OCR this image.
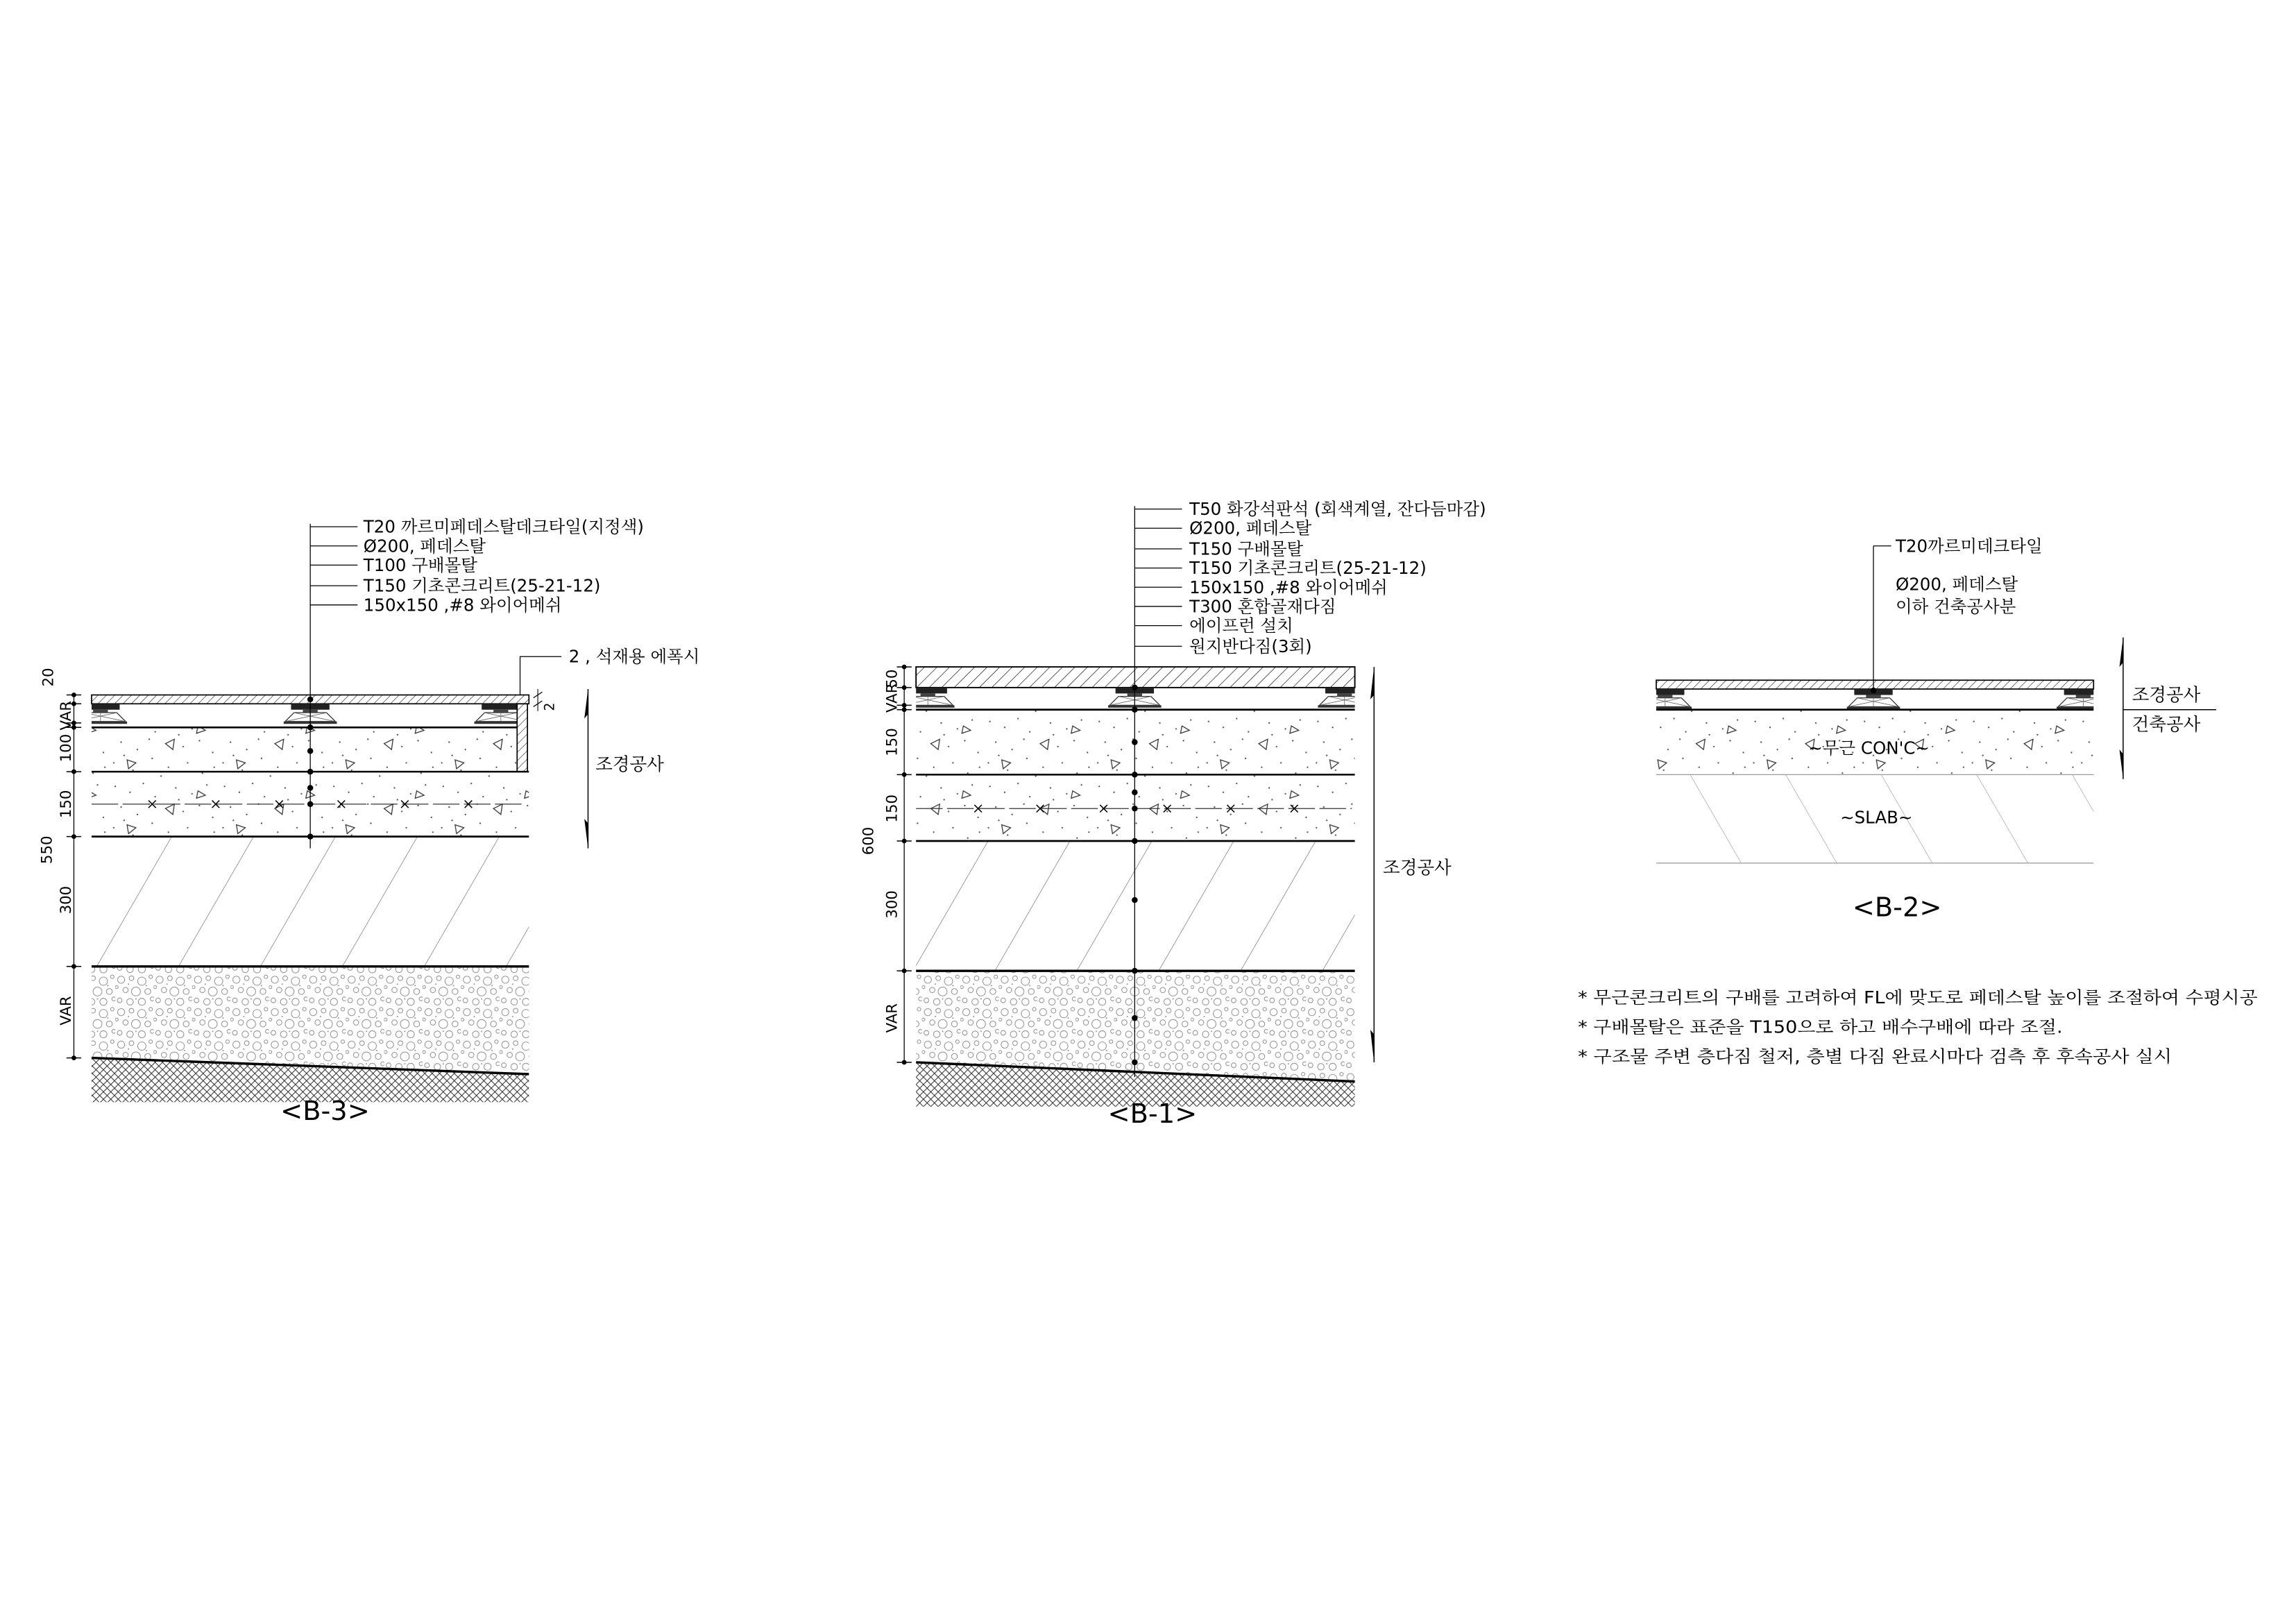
20
VAR
100
150
300
VAR
550
T20 까르미페데스탈데크타일(지정색)
Ø200, 페데스탈
T100 구배몰탈
T150 기초콘크리트(25-21-12)
150x150 ,#8 와이어메쉬
2 , 석재용 에폭시
2
조경공사
<B-3>
50
VAR
150
150
300
VAR
600
T50 화강석판석 (회색계열, 잔다듬마감)
Ø200, 페데스탈
T150 구배몰탈
T150 기초콘크리트(25-21-12)
150x150 ,#8 와이어메쉬
T300 혼합골재다짐
에이프런 설치
원지반다짐(3회)
조경공사
<B-1>
~무근 CON'C~
~SLAB~
T20까르미데크타일
Ø200, 페데스탈
이하 건축공사분
조경공사
건축공사
<B-2>
* 무근콘크리트의 구배를 고려하여 FL에 맞도로 페데스탈 높이를 조절하여 수평시공
* 구배몰탈은 표준을 T150으로 하고 배수구배에 따라 조절.
* 구조물 주변 층다짐 철저, 층별 다짐 완료시마다 검측 후 후속공사 실시
